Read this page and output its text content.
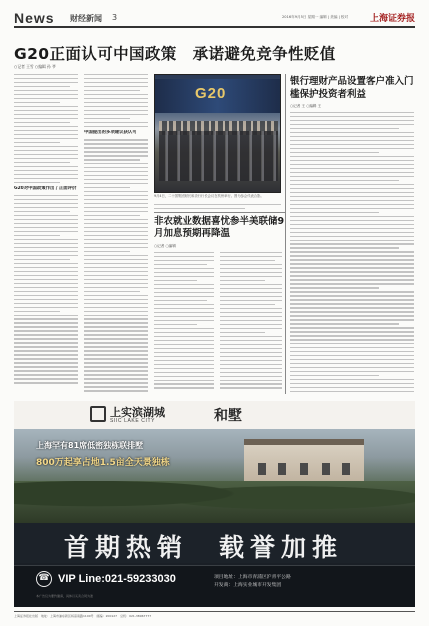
News 财经新闻 3	2016年9月5日 星期一 编辑 | 美编 | 校对 上海证券报
G20正面认可中国政策　承诺避免竞争性贬值
○记者 王雪 ○编辑 孙 爷
G20对中国政策作出了正面评价
中国提出的多项建议获认可
G20
9月4日，二十国集团财长和央行行长会议在杭州举行。图为参会代表合影。
银行理财产品设置客户准入门槛保护投资者利益
○记者 王 ○编辑 王
非农就业数据喜忧参半美联储9月加息预期再降温
○记者 ○编辑
上实滨湖城
SIIC LAKE CITY	和墅
上海罕有81席低密独栋联排墅
800万起享占地1.5亩全天景独栋
首期热销　载誉加推
☎ VIP Line:021-59233030	项目地址：上海市青浦区沪青平公路
开发商：上海实业城市开发集团
本广告仅为要约邀请，具体以买卖合同为准
上海证券报社出版　地址：上海市浦东新区杨高南路1100号　邮编：200127　总机：021-38967777
